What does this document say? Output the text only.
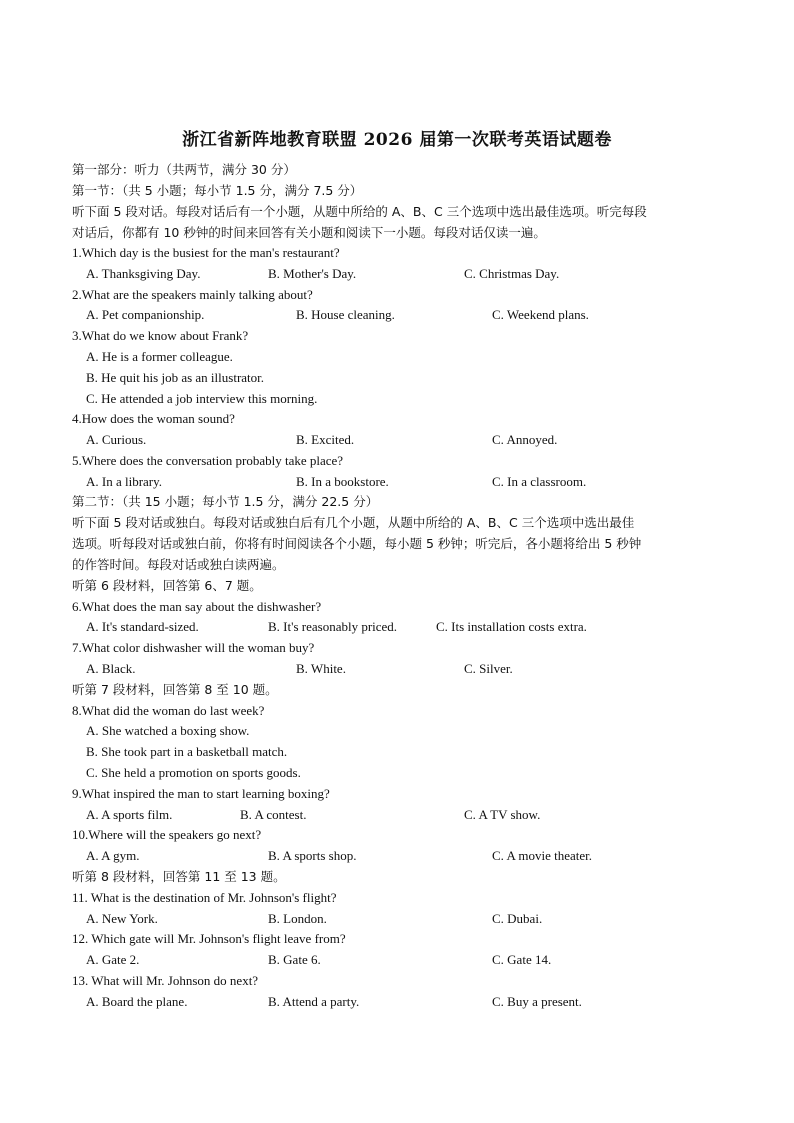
浙江省新阵地教育联盟 2026 届第一次联考英语试题卷
第一部分：听力（共两节，满分 30 分）
第一节：（共 5 小题；每小节 1.5 分，满分 7.5 分）
听下面 5 段对话。每段对话后有一个小题，从题中所给的 A、B、C 三个选项中选出最佳选项。听完每段
对话后，你都有 10 秒钟的时间来回答有关小题和阅读下一小题。每段对话仅读一遍。
1.Which day is the busiest for the man's restaurant?
A. Thanksgiving Day.	B. Mother's Day.	C. Christmas Day.
2.What are the speakers mainly talking about?
A. Pet companionship.	B. House cleaning.	C. Weekend plans.
3.What do we know about Frank?
A. He is a former colleague.
B. He quit his job as an illustrator.
C. He attended a job interview this morning.
4.How does the woman sound?
A. Curious.	B. Excited.	C. Annoyed.
5.Where does the conversation probably take place?
A. In a library.	B. In a bookstore.	C. In a classroom.
第二节：（共 15 小题；每小节 1.5 分，满分 22.5 分）
听下面 5 段对话或独白。每段对话或独白后有几个小题，从题中所给的 A、B、C 三个选项中选出最佳
选项。听每段对话或独白前，你将有时间阅读各个小题，每小题 5 秒钟；听完后，各小题将给出 5 秒钟
的作答时间。每段对话或独白读两遍。
听第 6 段材料，回答第 6、7 题。
6.What does the man say about the dishwasher?
A. It's standard-sized.	B. It's reasonably priced.	C. Its installation costs extra.
7.What color dishwasher will the woman buy?
A. Black.	B. White.	C. Silver.
听第 7 段材料，回答第 8 至 10 题。
8.What did the woman do last week?
A. She watched a boxing show.
B. She took part in a basketball match.
C. She held a promotion on sports goods.
9.What inspired the man to start learning boxing?
A. A sports film.	B. A contest.	C. A TV show.
10.Where will the speakers go next?
A. A gym.	B. A sports shop.	C. A movie theater.
听第 8 段材料，回答第 11 至 13 题。
11. What is the destination of Mr. Johnson's flight?
A. New York.	B. London.	C. Dubai.
12. Which gate will Mr. Johnson's flight leave from?
A. Gate 2.	B. Gate 6.	C. Gate 14.
13. What will Mr. Johnson do next?
A. Board the plane.	B. Attend a party.	C. Buy a present.
